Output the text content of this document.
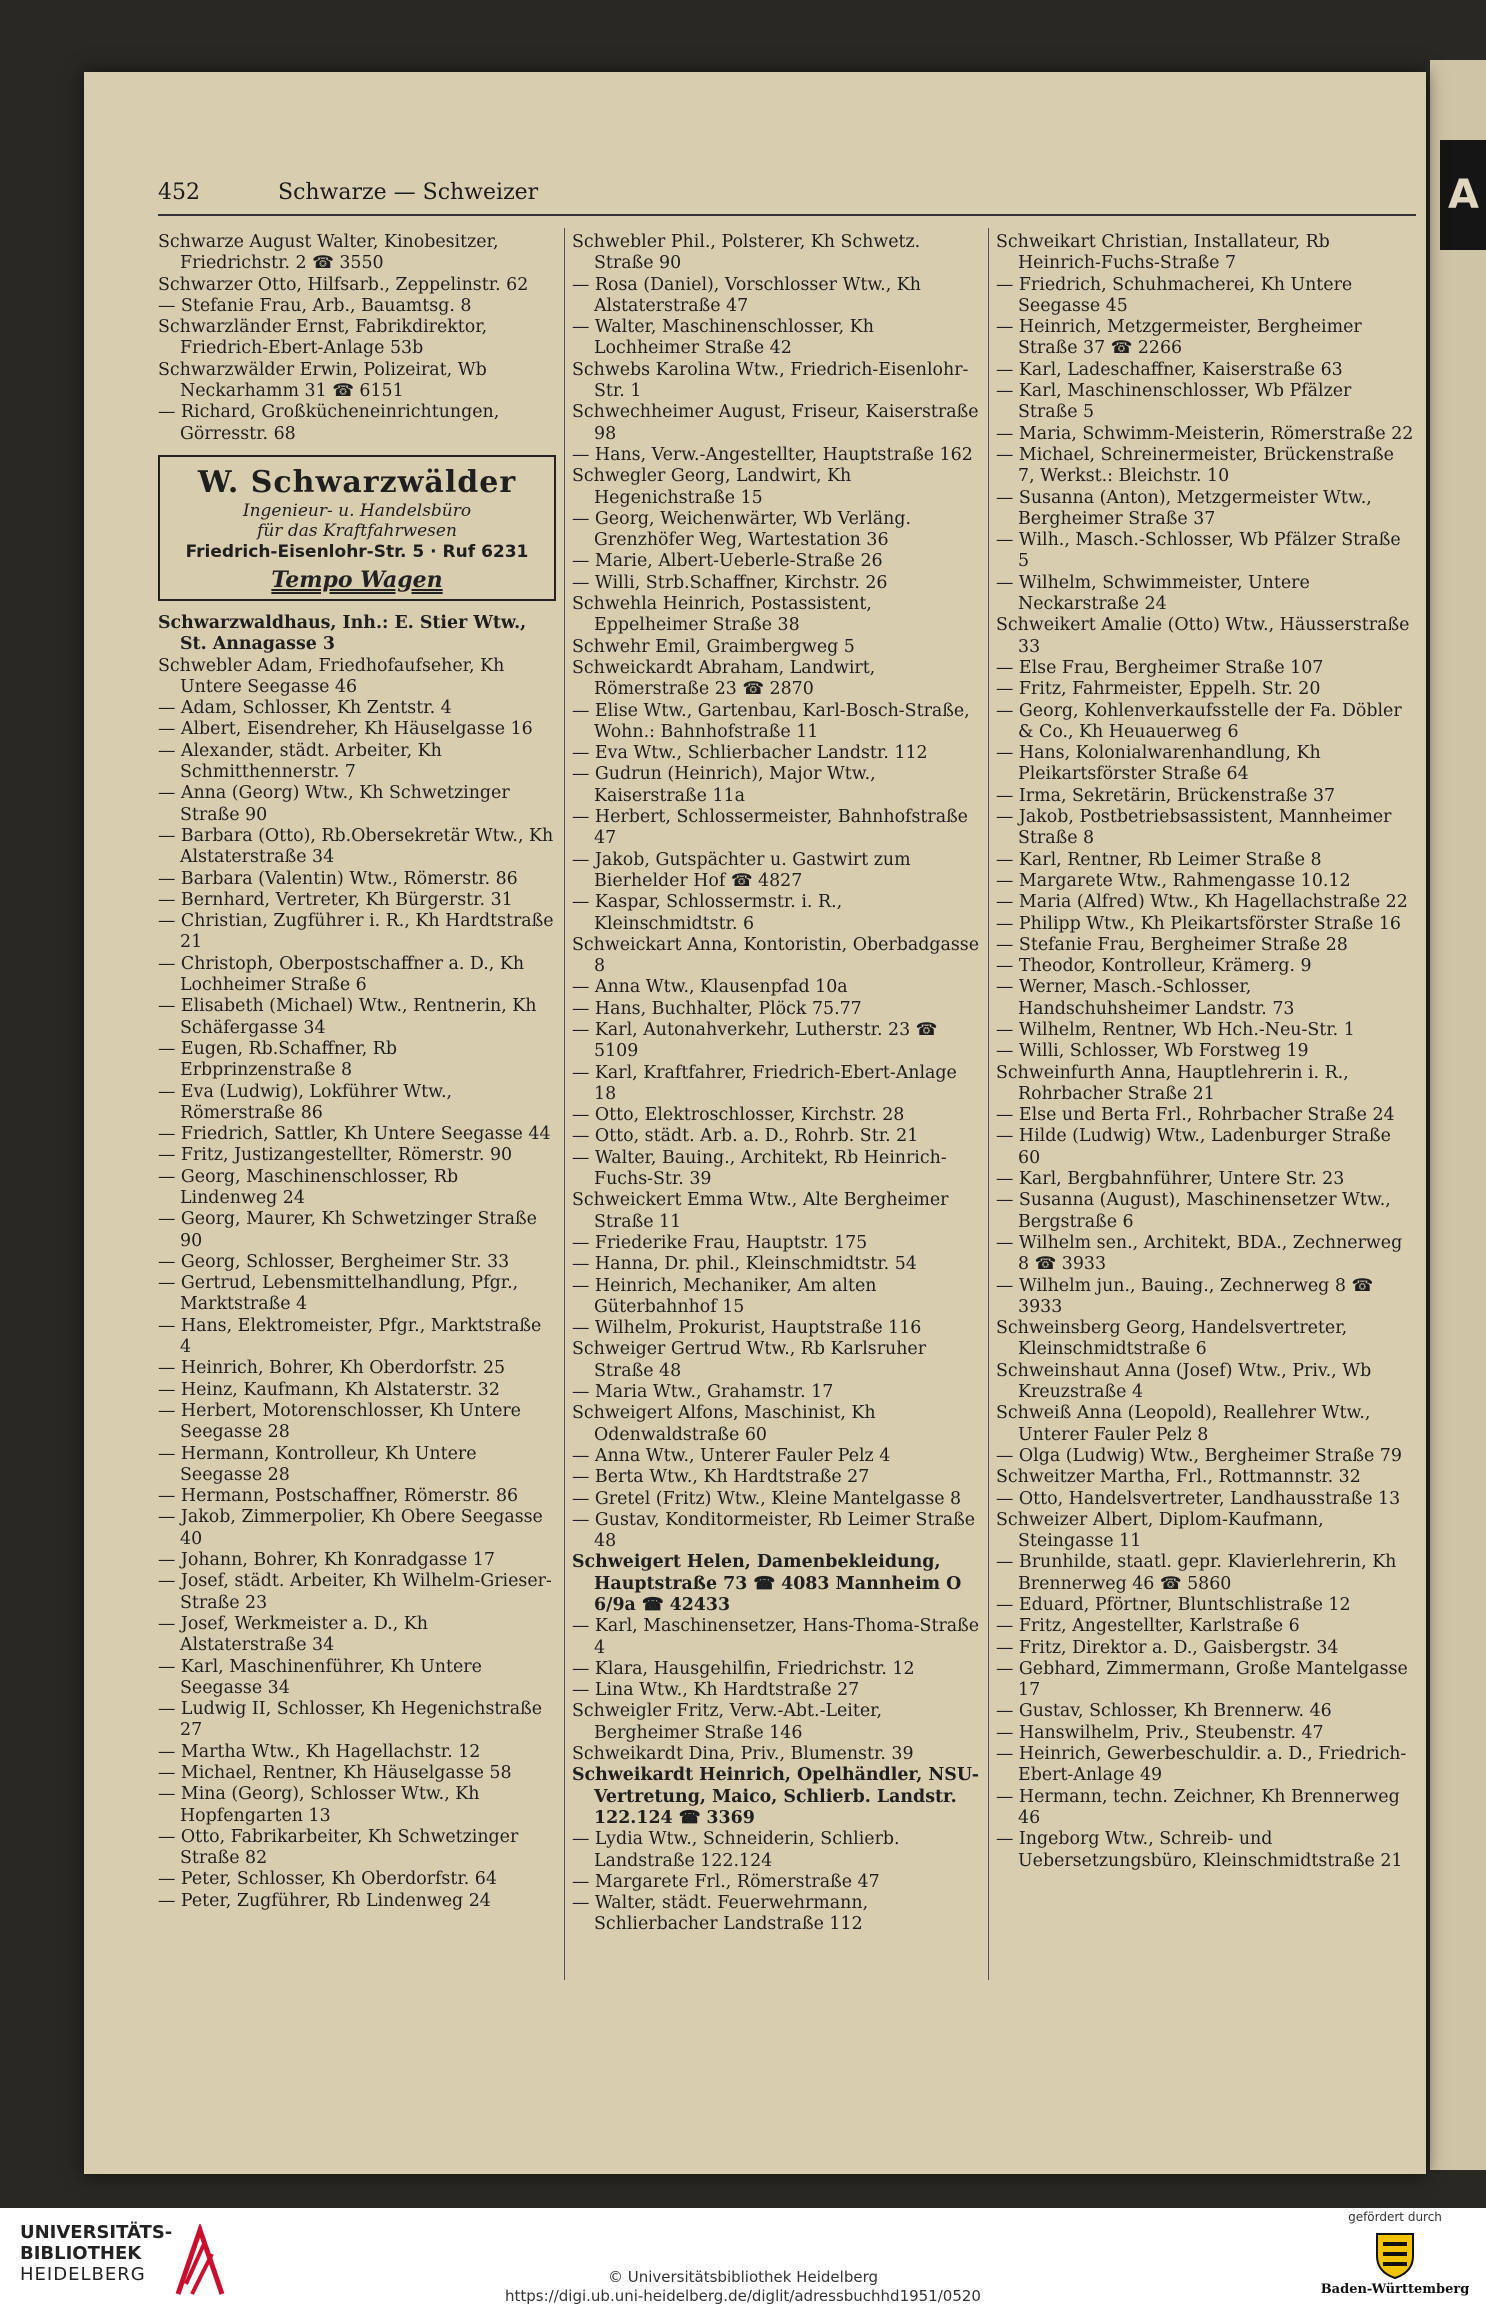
A
452	Schwarze — Schweizer

Schwarze August Walter, Kinobesitzer, Friedrichstr. 2 ☎ 3550

Schwarzer Otto, Hilfsarb., Zeppelinstr. 62

— Stefanie Frau, Arb., Bauamtsg. 8

Schwarzländer Ernst, Fabrikdirektor, Friedrich-Ebert-Anlage 53b

Schwarzwälder Erwin, Polizeirat, Wb Neckarhamm 31 ☎ 6151

— Richard, Großkücheneinrichtungen, Görresstr. 68

W. Schwarzwälder
Ingenieur- u. Handelsbüro
für das Kraftfahrwesen
Friedrich-Eisenlohr-Str. 5 · Ruf 6231
Tempo Wagen

Schwarzwaldhaus, Inh.: E. Stier Wtw., St. Annagasse 3

Schwebler Adam, Friedhofaufseher, Kh Untere Seegasse 46

— Adam, Schlosser, Kh Zentstr. 4

— Albert, Eisendreher, Kh Häuselgasse 16

— Alexander, städt. Arbeiter, Kh Schmitthennerstr. 7

— Anna (Georg) Wtw., Kh Schwetzinger Straße 90

— Barbara (Otto), Rb.Obersekretär Wtw., Kh Alstaterstraße 34

— Barbara (Valentin) Wtw., Römerstr. 86

— Bernhard, Vertreter, Kh Bürgerstr. 31

— Christian, Zugführer i. R., Kh Hardtstraße 21

— Christoph, Oberpostschaffner a. D., Kh Lochheimer Straße 6

— Elisabeth (Michael) Wtw., Rentnerin, Kh Schäfergasse 34

— Eugen, Rb.Schaffner, Rb Erbprinzenstraße 8

— Eva (Ludwig), Lokführer Wtw., Römerstraße 86

— Friedrich, Sattler, Kh Untere Seegasse 44

— Fritz, Justizangestellter, Römerstr. 90

— Georg, Maschinenschlosser, Rb Lindenweg 24

— Georg, Maurer, Kh Schwetzinger Straße 90

— Georg, Schlosser, Bergheimer Str. 33

— Gertrud, Lebensmittelhandlung, Pfgr., Marktstraße 4

— Hans, Elektromeister, Pfgr., Marktstraße 4

— Heinrich, Bohrer, Kh Oberdorfstr. 25

— Heinz, Kaufmann, Kh Alstaterstr. 32

— Herbert, Motorenschlosser, Kh Untere Seegasse 28

— Hermann, Kontrolleur, Kh Untere Seegasse 28

— Hermann, Postschaffner, Römerstr. 86

— Jakob, Zimmerpolier, Kh Obere Seegasse 40

— Johann, Bohrer, Kh Konradgasse 17

— Josef, städt. Arbeiter, Kh Wilhelm-Grieser-Straße 23

— Josef, Werkmeister a. D., Kh Alstaterstraße 34

— Karl, Maschinenführer, Kh Untere Seegasse 34

— Ludwig II, Schlosser, Kh Hegenichstraße 27

— Martha Wtw., Kh Hagellachstr. 12

— Michael, Rentner, Kh Häuselgasse 58

— Mina (Georg), Schlosser Wtw., Kh Hopfengarten 13

— Otto, Fabrikarbeiter, Kh Schwetzinger Straße 82

— Peter, Schlosser, Kh Oberdorfstr. 64

— Peter, Zugführer, Rb Lindenweg 24

Schwebler Phil., Polsterer, Kh Schwetz. Straße 90

— Rosa (Daniel), Vorschlosser Wtw., Kh Alstaterstraße 47

— Walter, Maschinenschlosser, Kh Lochheimer Straße 42

Schwebs Karolina Wtw., Friedrich-Eisenlohr-Str. 1

Schwechheimer August, Friseur, Kaiserstraße 98

— Hans, Verw.-Angestellter, Hauptstraße 162

Schwegler Georg, Landwirt, Kh Hegenichstraße 15

— Georg, Weichenwärter, Wb Verläng. Grenzhöfer Weg, Wartestation 36

— Marie, Albert-Ueberle-Straße 26

— Willi, Strb.Schaffner, Kirchstr. 26

Schwehla Heinrich, Postassistent, Eppelheimer Straße 38

Schwehr Emil, Graimbergweg 5

Schweickardt Abraham, Landwirt, Römerstraße 23 ☎ 2870

— Elise Wtw., Gartenbau, Karl-Bosch-Straße, Wohn.: Bahnhofstraße 11

— Eva Wtw., Schlierbacher Landstr. 112

— Gudrun (Heinrich), Major Wtw., Kaiserstraße 11a

— Herbert, Schlossermeister, Bahnhofstraße 47

— Jakob, Gutspächter u. Gastwirt zum Bierhelder Hof ☎ 4827

— Kaspar, Schlossermstr. i. R., Kleinschmidtstr. 6

Schweickart Anna, Kontoristin, Oberbadgasse 8

— Anna Wtw., Klausenpfad 10a

— Hans, Buchhalter, Plöck 75.77

— Karl, Autonahverkehr, Lutherstr. 23 ☎ 5109

— Karl, Kraftfahrer, Friedrich-Ebert-Anlage 18

— Otto, Elektroschlosser, Kirchstr. 28

— Otto, städt. Arb. a. D., Rohrb. Str. 21

— Walter, Bauing., Architekt, Rb Heinrich-Fuchs-Str. 39

Schweickert Emma Wtw., Alte Bergheimer Straße 11

— Friederike Frau, Hauptstr. 175

— Hanna, Dr. phil., Kleinschmidtstr. 54

— Heinrich, Mechaniker, Am alten Güterbahnhof 15

— Wilhelm, Prokurist, Hauptstraße 116

Schweiger Gertrud Wtw., Rb Karlsruher Straße 48

— Maria Wtw., Grahamstr. 17

Schweigert Alfons, Maschinist, Kh Odenwaldstraße 60

— Anna Wtw., Unterer Fauler Pelz 4

— Berta Wtw., Kh Hardtstraße 27

— Gretel (Fritz) Wtw., Kleine Mantelgasse 8

— Gustav, Konditormeister, Rb Leimer Straße 48

Schweigert Helen, Damenbekleidung, Hauptstraße 73 ☎ 4083 Mannheim O 6/9a ☎ 42433

— Karl, Maschinensetzer, Hans-Thoma-Straße 4

— Klara, Hausgehilfin, Friedrichstr. 12

— Lina Wtw., Kh Hardtstraße 27

Schweigler Fritz, Verw.-Abt.-Leiter, Bergheimer Straße 146

Schweikardt Dina, Priv., Blumenstr. 39

Schweikardt Heinrich, Opelhändler, NSU-Vertretung, Maico, Schlierb. Landstr. 122.124 ☎ 3369

— Lydia Wtw., Schneiderin, Schlierb. Landstraße 122.124

— Margarete Frl., Römerstraße 47

— Walter, städt. Feuerwehrmann, Schlierbacher Landstraße 112

Schweikart Christian, Installateur, Rb Heinrich-Fuchs-Straße 7

— Friedrich, Schuhmacherei, Kh Untere Seegasse 45

— Heinrich, Metzgermeister, Bergheimer Straße 37 ☎ 2266

— Karl, Ladeschaffner, Kaiserstraße 63

— Karl, Maschinenschlosser, Wb Pfälzer Straße 5

— Maria, Schwimm-Meisterin, Römerstraße 22

— Michael, Schreinermeister, Brückenstraße 7, Werkst.: Bleichstr. 10

— Susanna (Anton), Metzgermeister Wtw., Bergheimer Straße 37

— Wilh., Masch.-Schlosser, Wb Pfälzer Straße 5

— Wilhelm, Schwimmeister, Untere Neckarstraße 24

Schweikert Amalie (Otto) Wtw., Häusserstraße 33

— Else Frau, Bergheimer Straße 107

— Fritz, Fahrmeister, Eppelh. Str. 20

— Georg, Kohlenverkaufsstelle der Fa. Döbler & Co., Kh Heuauerweg 6

— Hans, Kolonialwarenhandlung, Kh Pleikartsförster Straße 64

— Irma, Sekretärin, Brückenstraße 37

— Jakob, Postbetriebsassistent, Mannheimer Straße 8

— Karl, Rentner, Rb Leimer Straße 8

— Margarete Wtw., Rahmengasse 10.12

— Maria (Alfred) Wtw., Kh Hagellachstraße 22

— Philipp Wtw., Kh Pleikartsförster Straße 16

— Stefanie Frau, Bergheimer Straße 28

— Theodor, Kontrolleur, Krämerg. 9

— Werner, Masch.-Schlosser, Handschuhsheimer Landstr. 73

— Wilhelm, Rentner, Wb Hch.-Neu-Str. 1

— Willi, Schlosser, Wb Forstweg 19

Schweinfurth Anna, Hauptlehrerin i. R., Rohrbacher Straße 21

— Else und Berta Frl., Rohrbacher Straße 24

— Hilde (Ludwig) Wtw., Ladenburger Straße 60

— Karl, Bergbahnführer, Untere Str. 23

— Susanna (August), Maschinensetzer Wtw., Bergstraße 6

— Wilhelm sen., Architekt, BDA., Zechnerweg 8 ☎ 3933

— Wilhelm jun., Bauing., Zechnerweg 8 ☎ 3933

Schweinsberg Georg, Handelsvertreter, Kleinschmidtstraße 6

Schweinshaut Anna (Josef) Wtw., Priv., Wb Kreuzstraße 4

Schweiß Anna (Leopold), Reallehrer Wtw., Unterer Fauler Pelz 8

— Olga (Ludwig) Wtw., Bergheimer Straße 79

Schweitzer Martha, Frl., Rottmannstr. 32

— Otto, Handelsvertreter, Landhausstraße 13

Schweizer Albert, Diplom-Kaufmann, Steingasse 11

— Brunhilde, staatl. gepr. Klavierlehrerin, Kh Brennerweg 46 ☎ 5860

— Eduard, Pförtner, Bluntschlistraße 12

— Fritz, Angestellter, Karlstraße 6

— Fritz, Direktor a. D., Gaisbergstr. 34

— Gebhard, Zimmermann, Große Mantelgasse 17

— Gustav, Schlosser, Kh Brennerw. 46

— Hanswilhelm, Priv., Steubenstr. 47

— Heinrich, Gewerbeschuldir. a. D., Friedrich-Ebert-Anlage 49

— Hermann, techn. Zeichner, Kh Brennerweg 46

— Ingeborg Wtw., Schreib- und Uebersetzungsbüro, Kleinschmidtstraße 21

UNIVERSITÄTS-
BIBLIOTHEK
HEIDELBERG	© Universitätsbibliothek Heidelberg
https://digi.ub.uni-heidelberg.de/diglit/adressbuchhd1951/0520
gefördert durch
Baden-Württemberg
